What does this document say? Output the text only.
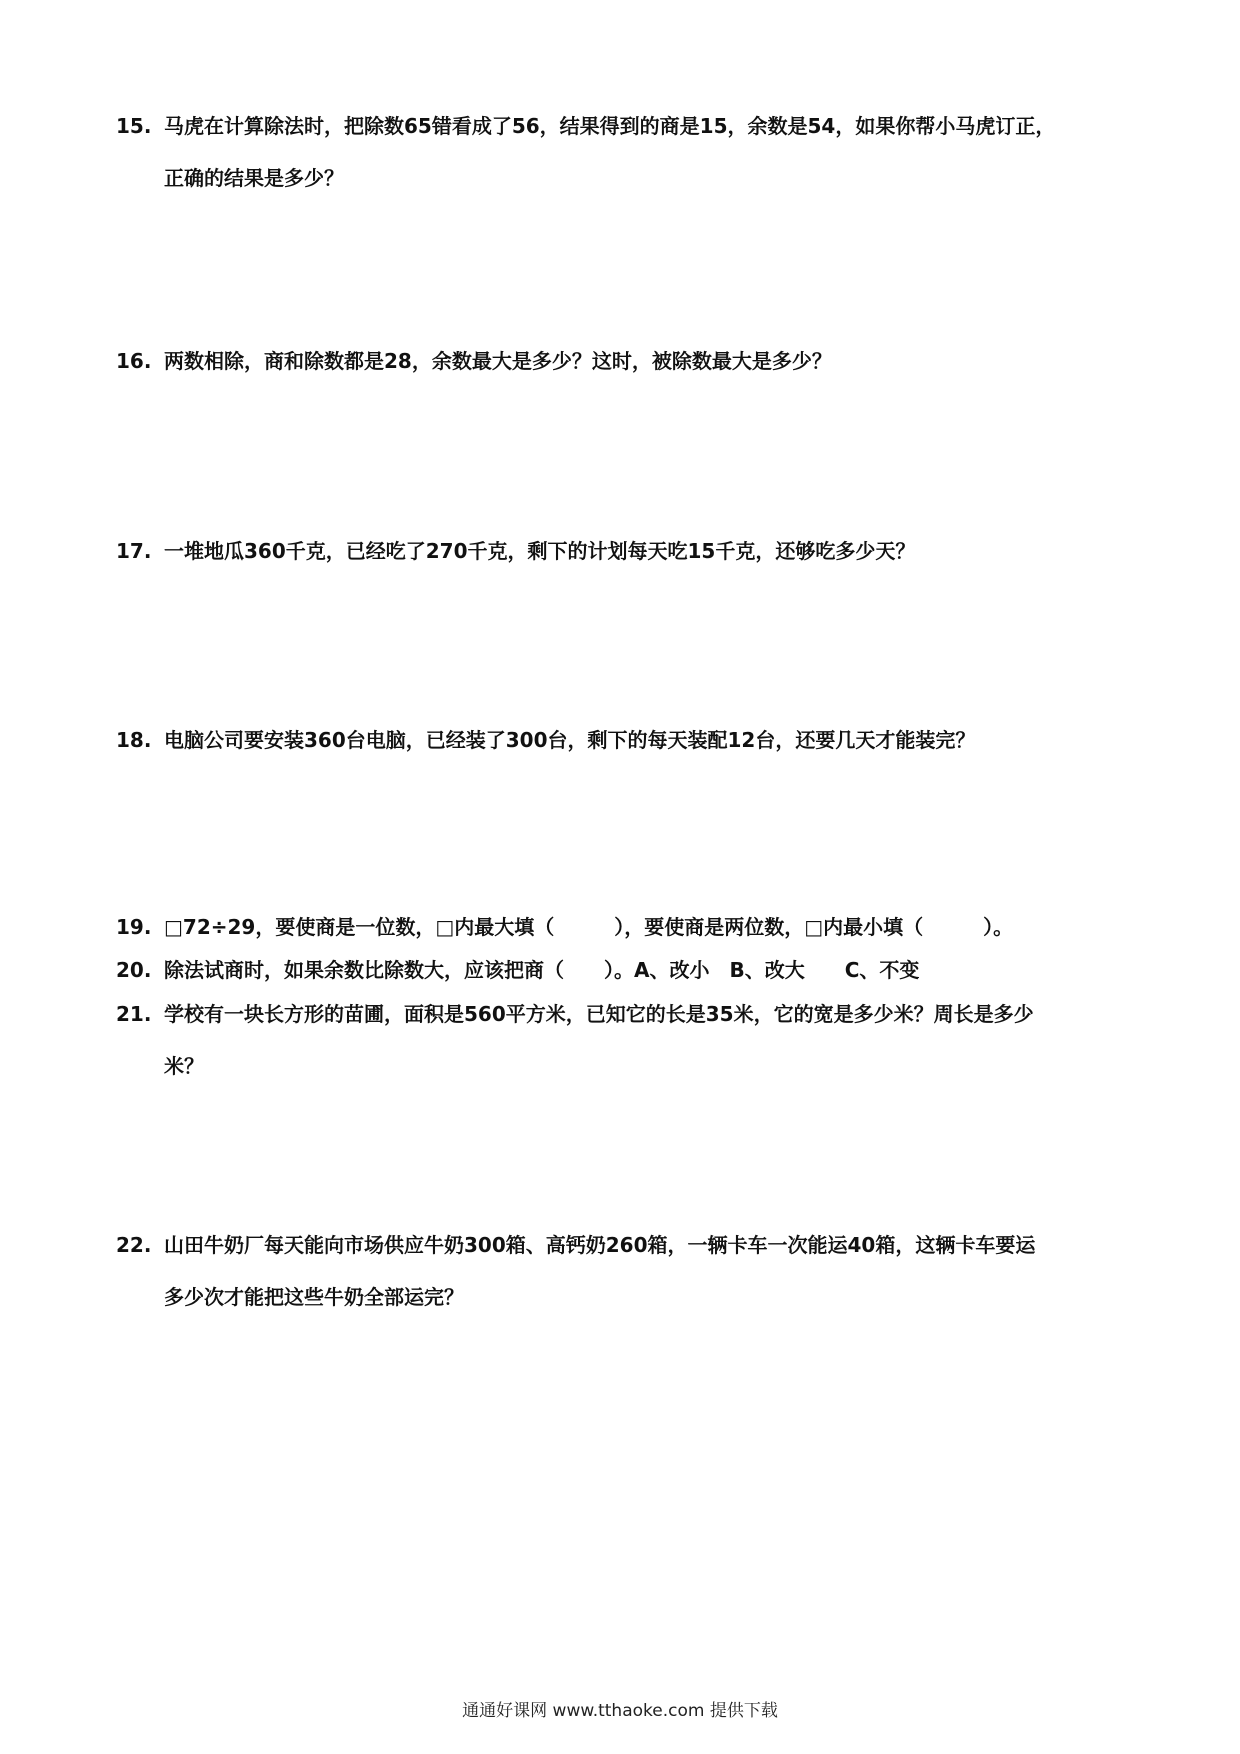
15. 马虎在计算除法时，把除数65错看成了56，结果得到的商是15，余数是54，如果你帮小马虎订正，
正确的结果是多少？
16. 两数相除，商和除数都是28，余数最大是多少？这时，被除数最大是多少？
17. 一堆地瓜360千克，已经吃了270千克，剩下的计划每天吃15千克，还够吃多少天？
18. 电脑公司要安装360台电脑，已经装了300台，剩下的每天装配12台，还要几天才能装完？
19. □72÷29，要使商是一位数，□内最大填（　　　），要使商是两位数，□内最小填（　　　）。
20. 除法试商时，如果余数比除数大，应该把商（　　）。A、改小　B、改大　　C、不变
21. 学校有一块长方形的苗圃，面积是560平方米，已知它的长是35米，它的宽是多少米？周长是多少
米？
22. 山田牛奶厂每天能向市场供应牛奶300箱、高钙奶260箱，一辆卡车一次能运40箱，这辆卡车要运
多少次才能把这些牛奶全部运完？
通通好课网 www.tthaoke.com 提供下载
